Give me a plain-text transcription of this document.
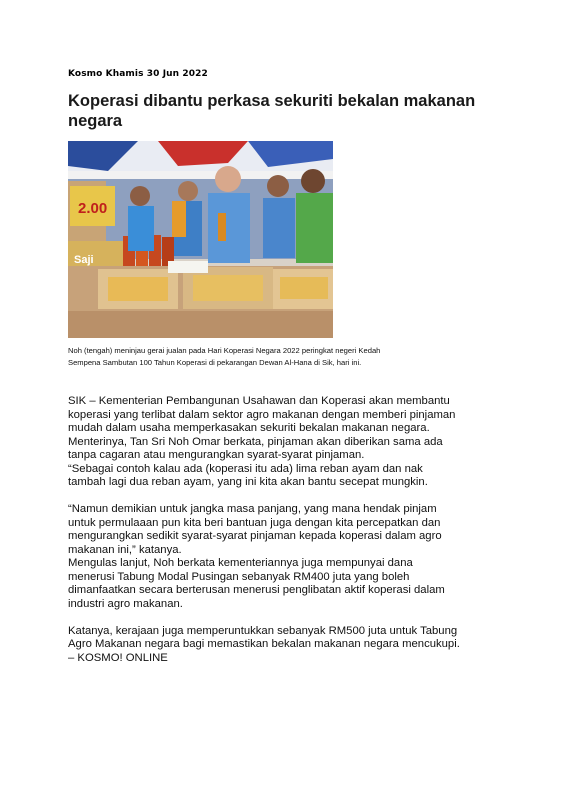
Kosmo Khamis 30 Jun 2022
Koperasi dibantu perkasa sekuriti bekalan makanan negara
2.00
Saji
Noh (tengah) meninjau gerai jualan pada Hari Koperasi Negara 2022 peringkat negeri Kedah
Sempena Sambutan 100 Tahun Koperasi di pekarangan Dewan Al-Hana di Sik, hari ini.

SIK – Kementerian Pembangunan Usahawan dan Koperasi akan membantu
koperasi yang terlibat dalam sektor agro makanan dengan memberi pinjaman
mudah dalam usaha memperkasakan sekuriti bekalan makanan negara.
Menterinya, Tan Sri Noh Omar berkata, pinjaman akan diberikan sama ada
tanpa cagaran atau mengurangkan syarat-syarat pinjaman.
“Sebagai contoh kalau ada (koperasi itu ada) lima reban ayam dan nak
tambah lagi dua reban ayam, yang ini kita akan bantu secepat mungkin.

“Namun demikian untuk jangka masa panjang, yang mana hendak pinjam
untuk permulaaan pun kita beri bantuan juga dengan kita percepatkan dan
mengurangkan sedikit syarat-syarat pinjaman kepada koperasi dalam agro
makanan ini,” katanya.
Mengulas lanjut, Noh berkata kementeriannya juga mempunyai dana
menerusi Tabung Modal Pusingan sebanyak RM400 juta yang boleh
dimanfaatkan secara berterusan menerusi penglibatan aktif koperasi dalam
industri agro makanan.

Katanya, kerajaan juga memperuntukkan sebanyak RM500 juta untuk Tabung
Agro Makanan negara bagi memastikan bekalan makanan negara mencukupi.
– KOSMO! ONLINE
